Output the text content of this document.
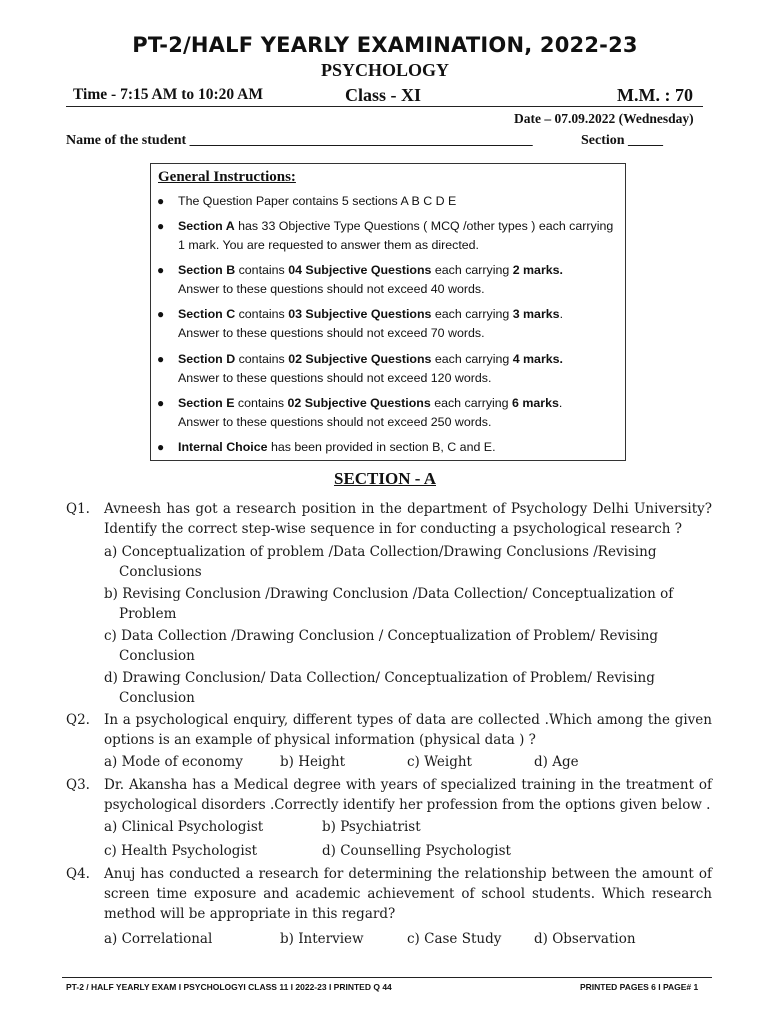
PT-2/HALF YEARLY EXAMINATION, 2022-23
PSYCHOLOGY
Time - 7:15 AM to 10:20 AM	Class - XI	M.M. : 70
Date – 07.09.2022 (Wednesday)
Name of the student _________________________________________________	Section _____
General Instructions:
●	The Question Paper contains 5 sections A B C D E
●	Section A has 33 Objective Type Questions ( MCQ /other types ) each carrying 1 mark. You are requested to answer them as directed.
●	Section B contains 04 Subjective Questions each carrying 2 marks.
Answer to these questions should not exceed 40 words.
●	Section C contains 03 Subjective Questions each carrying 3 marks.
Answer to these questions should not exceed 70 words.
●	Section D contains 02 Subjective Questions each carrying 4 marks.
Answer to these questions should not exceed 120 words.
●	Section E contains 02 Subjective Questions each carrying 6 marks.
Answer to these questions should not exceed 250 words.
●	Internal Choice has been provided in section B, C and E.
SECTION - A
Q1. Avneesh has got a research position in the department of Psychology Delhi University? Identify the correct step-wise sequence in for conducting a psychological research ?
a) Conceptualization of problem /Data Collection/Drawing Conclusions /Revising
Conclusions
b) Revising Conclusion /Drawing Conclusion /Data Collection/ Conceptualization of
Problem
c) Data Collection /Drawing Conclusion / Conceptualization of Problem/ Revising
Conclusion
d) Drawing Conclusion/ Data Collection/ Conceptualization of Problem/ Revising
Conclusion
Q2. In a psychological enquiry, different types of data are collected .Which among the given options is an example of physical information (physical data ) ?
a) Mode of economy	b) Height	c) Weight	d) Age
Q3. Dr. Akansha has a Medical degree with years of specialized training in the treatment of psychological disorders .Correctly identify her profession from the options given below .
a) Clinical Psychologist	b) Psychiatrist
c) Health Psychologist	d) Counselling Psychologist
Q4. Anuj has conducted a research for determining the relationship between the amount of screen time exposure and academic achievement of school students. Which research method will be appropriate in this regard?
a) Correlational	b) Interview	c) Case Study d) Observation
PT-2 / HALF YEARLY EXAM I PSYCHOLOGYI CLASS 11 I 2022-23 I PRINTED Q 44	PRINTED PAGES 6 I PAGE# 1
